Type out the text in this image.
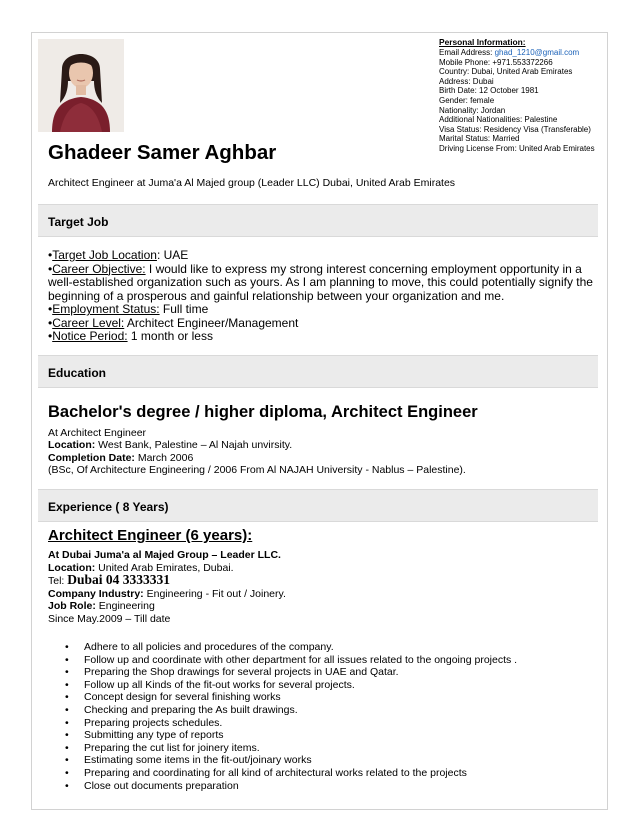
Personal Information:
Email Address: ghad_1210@gmail.com
Mobile Phone: +971.553372266
Country: Dubai, United Arab Emirates
Address: Dubai
Birth Date: 12 October 1981
Gender: female
Nationality: Jordan
Additional Nationalities: Palestine
Visa Status: Residency Visa (Transferable)
Marital Status: Married
Driving License From: United Arab Emirates
Ghadeer Samer Aghbar
Architect Engineer at Juma'a Al Majed group (Leader LLC) Dubai, United Arab Emirates
Target Job
•Target Job Location: UAE
•Career Objective: I would like to express my strong interest concerning employment opportunity in a well-established organization such as yours. As I am planning to move, this could potentially signify the beginning of a prosperous and gainful relationship between your organization and me.
•Employment Status: Full time
•Career Level: Architect Engineer/Management
•Notice Period: 1 month or less
Education
Bachelor's degree / higher diploma, Architect Engineer
At Architect Engineer
Location: West Bank, Palestine – Al Najah unvirsity.
Completion Date: March 2006
(BSc, Of Architecture Engineering / 2006 From Al NAJAH University - Nablus – Palestine).
Experience ( 8 Years)
Architect Engineer (6 years):
At Dubai Juma'a al Majed Group – Leader LLC.
Location: United Arab Emirates, Dubai.
Tel: Dubai 04 3333331
Company Industry: Engineering - Fit out / Joinery.
Job Role: Engineering
Since May.2009 – Till date
• Adhere to all policies and procedures of the company.
• Follow up and coordinate with other department for all issues related to the ongoing projects .
• Preparing the Shop drawings for several projects in UAE and Qatar.
• Follow up all Kinds of the fit-out works for several projects.
• Concept design for several finishing works
• Checking and preparing the As built drawings.
• Preparing projects schedules.
• Submitting any type of reports
• Preparing the cut list for joinery items.
• Estimating some items in the fit-out/joinary works
• Preparing and coordinating for all kind of architectural works related to the projects
• Close out documents preparation
